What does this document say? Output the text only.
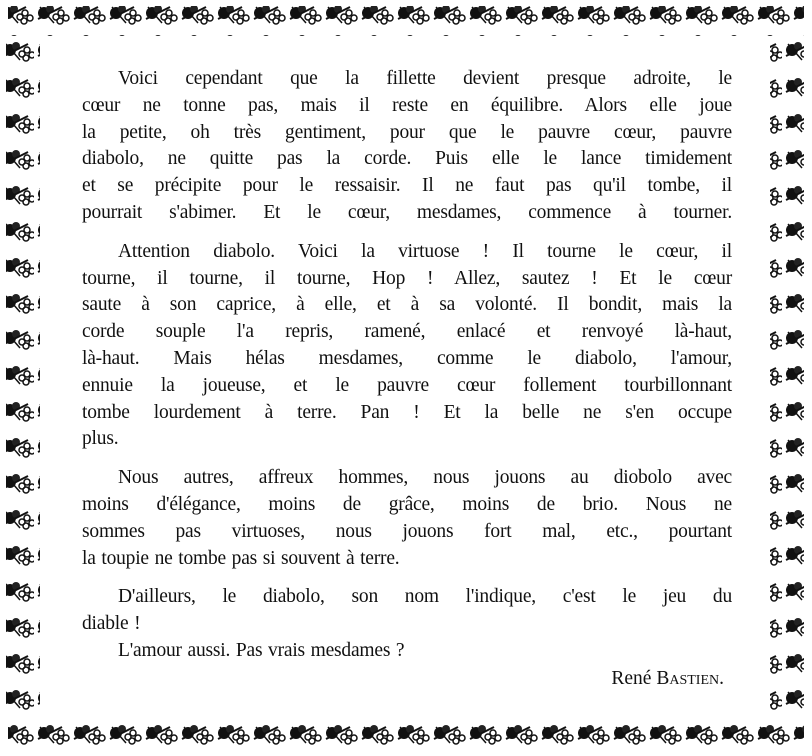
Voici cependant que la fillette devient presque adroite, le
cœur ne tonne pas, mais il reste en équilibre. Alors elle joue
la petite, oh très gentiment, pour que le pauvre cœur, pauvre
diabolo, ne quitte pas la corde. Puis elle le lance timidement
et se précipite pour le ressaisir. Il ne faut pas qu'il tombe, il
pourrait s'abimer. Et le cœur, mesdames, commence à tourner.
Attention diabolo. Voici la virtuose ! Il tourne le cœur, il
tourne, il tourne, il tourne, Hop ! Allez, sautez ! Et le cœur
saute à son caprice, à elle, et à sa volonté. Il bondit, mais la
corde souple l'a repris, ramené, enlacé et renvoyé là-haut,
là-haut. Mais hélas mesdames, comme le diabolo, l'amour,
ennuie la joueuse, et le pauvre cœur follement tourbillonnant
tombe lourdement à terre. Pan ! Et la belle ne s'en occupe
plus.
Nous autres, affreux hommes, nous jouons au diobolo avec
moins d'élégance, moins de grâce, moins de brio. Nous ne
sommes pas virtuoses, nous jouons fort mal, etc., pourtant
la toupie ne tombe pas si souvent à terre.
D'ailleurs, le diabolo, son nom l'indique, c'est le jeu du
diable !
L'amour aussi. Pas vrais mesdames ?
René Bastien.
